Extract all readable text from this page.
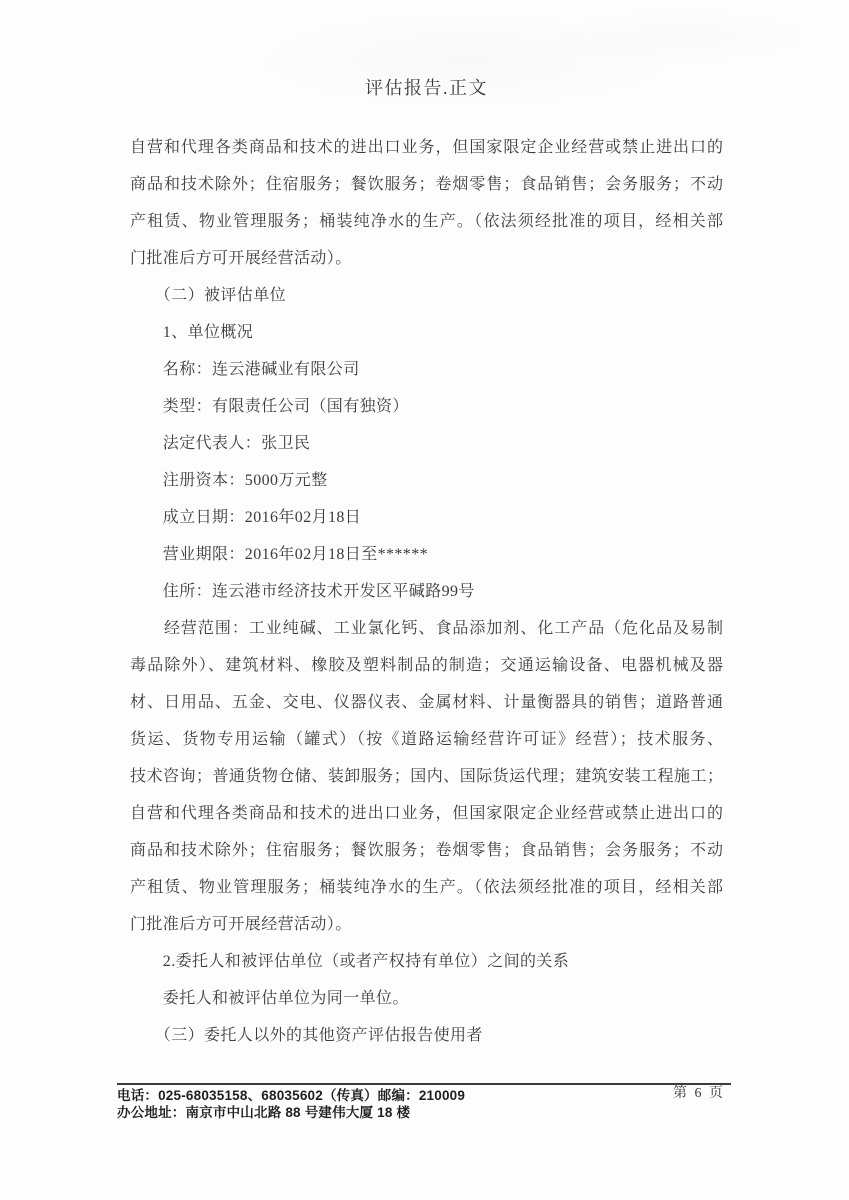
评估报告.正文
自营和代理各类商品和技术的进出口业务，但国家限定企业经营或禁止进出口的
商品和技术除外；住宿服务；餐饮服务；卷烟零售；食品销售；会务服务；不动
产租赁、物业管理服务；桶装纯净水的生产。（依法须经批准的项目，经相关部
门批准后方可开展经营活动）。
　　（二）被评估单位
　　1、单位概况
　　名称：连云港碱业有限公司
　　类型：有限责任公司（国有独资）
　　法定代表人：张卫民
　　注册资本：5000万元整
　　成立日期：2016年02月18日
　　营业期限：2016年02月18日至******
　　住所：连云港市经济技术开发区平碱路99号
　　经营范围：工业纯碱、工业氯化钙、食品添加剂、化工产品（危化品及易制
毒品除外）、建筑材料、橡胶及塑料制品的制造；交通运输设备、电器机械及器
材、日用品、五金、交电、仪器仪表、金属材料、计量衡器具的销售；道路普通
货运、货物专用运输（罐式）（按《道路运输经营许可证》经营）；技术服务、
技术咨询；普通货物仓储、装卸服务；国内、国际货运代理；建筑安装工程施工；
自营和代理各类商品和技术的进出口业务，但国家限定企业经营或禁止进出口的
商品和技术除外；住宿服务；餐饮服务；卷烟零售；食品销售；会务服务；不动
产租赁、物业管理服务；桶装纯净水的生产。（依法须经批准的项目，经相关部
门批准后方可开展经营活动）。
　　2.委托人和被评估单位（或者产权持有单位）之间的关系
　　委托人和被评估单位为同一单位。
　　（三）委托人以外的其他资产评估报告使用者
电话：025-68035158、68035602（传真）邮编：210009
办公地址：南京市中山北路 88 号建伟大厦 18 楼
第 6 页
